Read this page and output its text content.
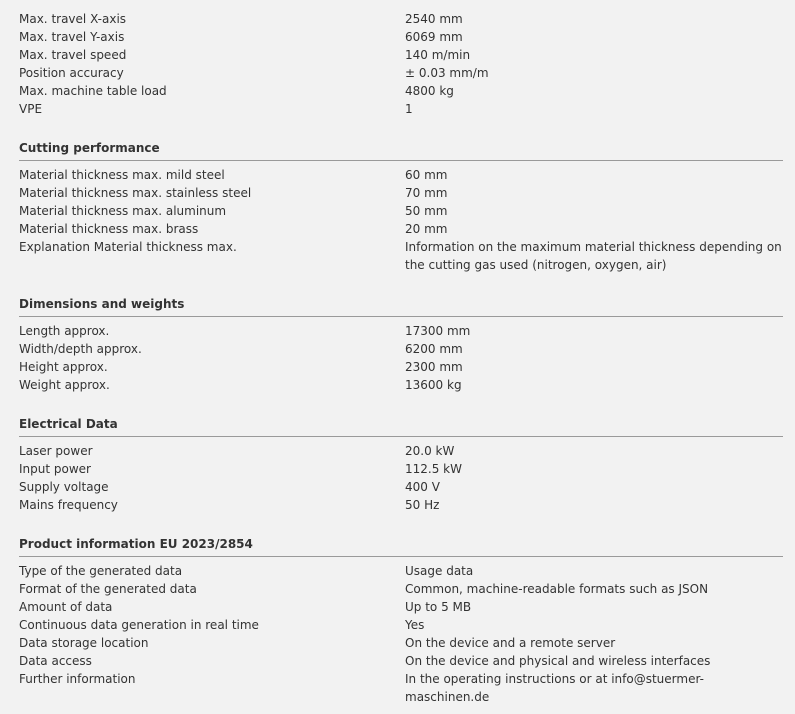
Max. travel X-axis	2540 mm
Max. travel Y-axis	6069 mm
Max. travel speed	140 m/min
Position accuracy	± 0.03 mm/m
Max. machine table load	4800 kg
VPE	1
Cutting performance
Material thickness max. mild steel	60 mm
Material thickness max. stainless steel	70 mm
Material thickness max. aluminum	50 mm
Material thickness max. brass	20 mm
Explanation Material thickness max.	Information on the maximum material thickness depending on the cutting gas used (nitrogen, oxygen, air)
Dimensions and weights
Length approx.	17300 mm
Width/depth approx.	6200 mm
Height approx.	2300 mm
Weight approx.	13600 kg
Electrical Data
Laser power	20.0 kW
Input power	112.5 kW
Supply voltage	400 V
Mains frequency	50 Hz
Product information EU 2023/2854
Type of the generated data	Usage data
Format of the generated data	Common, machine-readable formats such as JSON
Amount of data	Up to 5 MB
Continuous data generation in real time	Yes
Data storage location	On the device and a remote server
Data access	On the device and physical and wireless interfaces
Further information	In the operating instructions or at info@stuermer-maschinen.de
